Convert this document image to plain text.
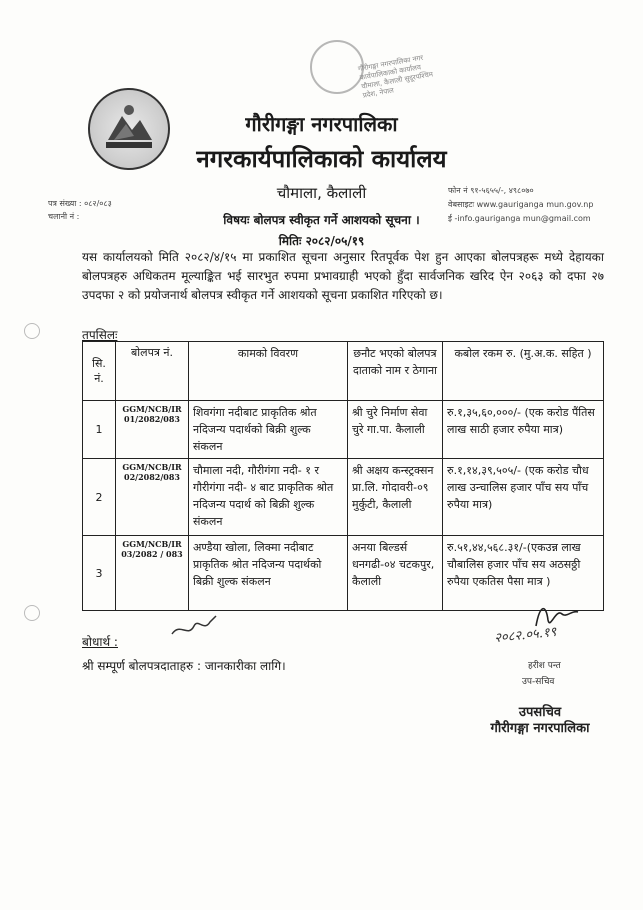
गौरीगङ्गा नगरपालिका नगर कार्यपालिकाको कार्यालय चौमाला, कैलाली सुदूरपश्चिम प्रदेश, नेपाल
गौरीगङ्गा नगरपालिका
नगरकार्यपालिकाको कार्यालय
चौमाला, कैलाली
पत्र संख्या : ०८२/०८३
चलानी नं :
फोन नं ९१-५६५५/-, ४९८०७०
वेबसाइटः www.gauriganga mun.gov.np
ई -info.gauriganga mun@gmail.com
विषयः बोलपत्र स्वीकृत गर्ने आशयको सूचना ।
मितिः २०८२/०५/१९
यस कार्यालयको मिति २०८२/४/१५ मा प्रकाशित सूचना अनुसार रितपूर्वक पेश हुन आएका बोलपत्रहरू मध्ये देहायका बोलपत्रहरु अधिकतम मूल्याङ्कित भई सारभुत रुपमा प्रभावग्राही भएको हुँदा सार्वजनिक खरिद ऐन २०६३ को दफा २७ उपदफा २ को प्रयोजनार्थ बोलपत्र स्वीकृत गर्ने आशयको सूचना प्रकाशित गरिएको छ।
तपसिलः
सि. नं.	बोलपत्र नं.	कामको विवरण	छनौट भएको बोलपत्र दाताको नाम र ठेगाना	कबोल रकम रु. (मु.अ.क. सहित )
1	GGM/NCB/IR 01/2082/083	शिवगंगा नदीबाट प्राकृतिक श्रोत नदिजन्य पदार्थको बिक्री शुल्क संकलन	श्री चुरे निर्माण सेवा चुरे गा.पा. कैलाली	रु.१,३५,६०,०००/- (एक करोड पैंतिस लाख साठी हजार रुपैया मात्र)
2	GGM/NCB/IR 02/2082/083	चौमाला नदी, गौरीगंगा नदी- १ र गौरीगंगा नदी- ४ बाट प्राकृतिक श्रोत नदिजन्य पदार्थ को बिक्री शुल्क संकलन	श्री अक्षय कन्स्ट्रक्सन प्रा.लि. गोदावरी-०९ मुर्कुटी, कैलाली	रु.१,१४,३९,५०५/- (एक करोड चौध लाख उन्चालिस हजार पाँच सय पाँच रुपैया मात्र)
3	GGM/NCB/IR 03/2082 / 083	अण्डैया खोला, लिक्मा नदीबाट प्राकृतिक श्रोत नदिजन्य पदार्थको बिक्री शुल्क संकलन	अनया बिल्डर्स धनगढी-०४ चटकपुर, कैलाली	रु.५१,४४,५६८.३१/-(एकउन्न लाख चौबालिस हजार पाँच सय अठसठ्ठी रुपैया एकतिस पैसा मात्र )
बोधार्थ :
श्री सम्पूर्ण बोलपत्रदाताहरु : जानकारीका लागि।
२०८२.०५.१९
हरीश पन्त
उप-सचिव
उपसचिव
गौरीगङ्गा नगरपालिका
